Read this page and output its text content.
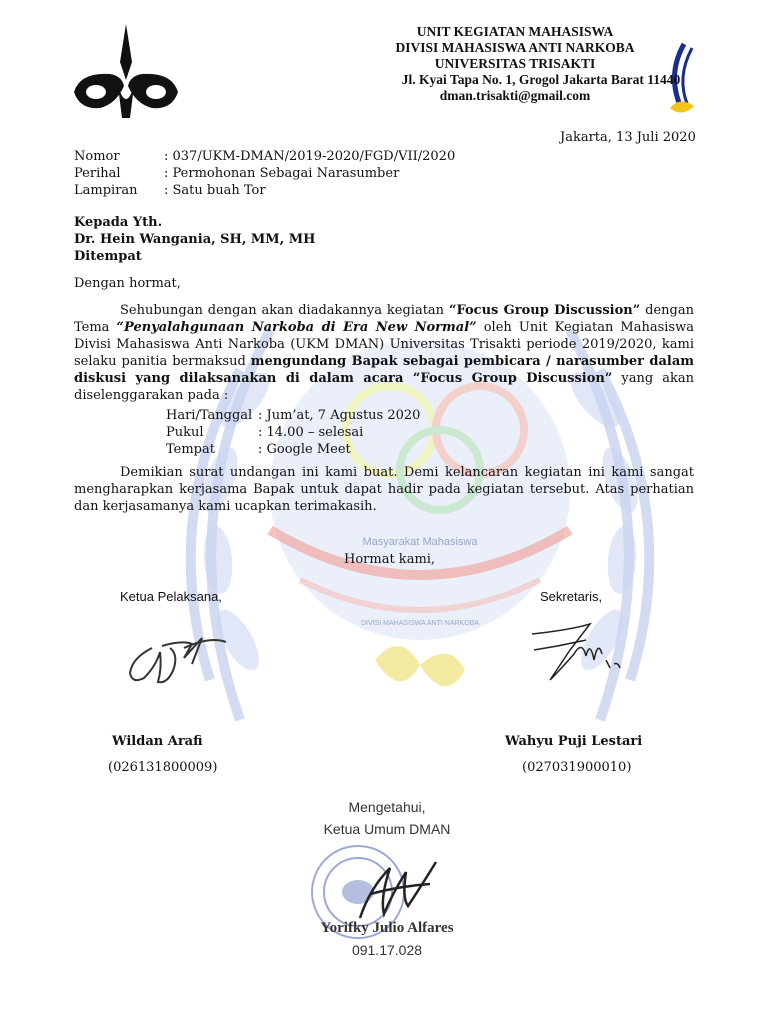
Masyarakat Mahasiswa
DIVISI MAHASISWA ANTI NARKOBA
UNIT KEGIATAN MAHASISWA
DIVISI MAHASISWA ANTI NARKOBA
UNIVERSITAS TRISAKTI
Jl. Kyai Tapa No. 1, Grogol Jakarta Barat 11440
dman.trisakti@gmail.com
Jakarta, 13 Juli 2020
Nomor	: 037/UKM-DMAN/2019-2020/FGD/VII/2020
Perihal	: Permohonan Sebagai Narasumber
Lampiran	: Satu buah Tor
Kepada Yth.
Dr. Hein Wangania, SH, MM, MH
Ditempat
Dengan hormat,
Sehubungan dengan akan diadakannya kegiatan “Focus Group Discussion” dengan Tema “Penyalahgunaan Narkoba di Era New Normal” oleh Unit Kegiatan Mahasiswa Divisi Mahasiswa Anti Narkoba (UKM DMAN) Universitas Trisakti periode 2019/2020, kami selaku panitia bermaksud mengundang Bapak sebagai pembicara / narasumber dalam diskusi yang dilaksanakan di dalam acara “Focus Group Discussion” yang akan diselenggarakan pada :
Hari/Tanggal : Jum’at, 7 Agustus 2020
Pukul	: 14.00 – selesai
Tempat	: Google Meet
Demikian surat undangan ini kami buat. Demi kelancaran kegiatan ini kami sangat mengharapkan kerjasama Bapak untuk dapat hadir pada kegiatan tersebut. Atas perhatian dan kerjasamanya kami ucapkan terimakasih.
Hormat kami,
Ketua Pelaksana,	Sekretaris,
Wildan Arafi	Wahyu Puji Lestari
(026131800009)	(027031900010)
Mengetahui,
Ketua Umum DMAN
Yorifky Julio Alfares
091.17.028
